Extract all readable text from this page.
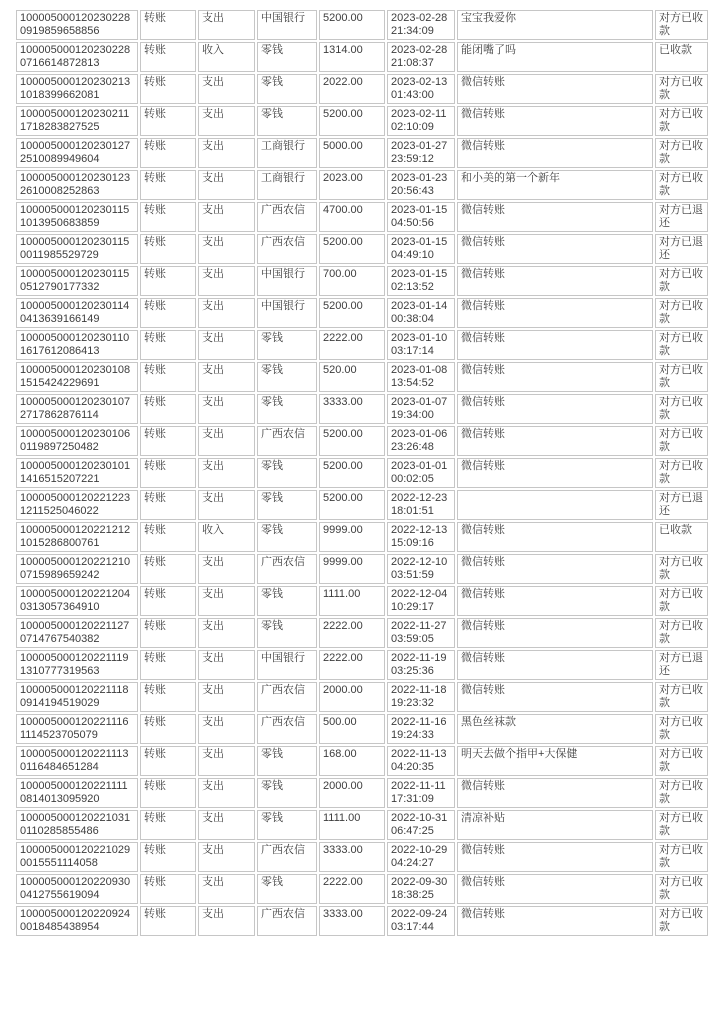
100005000120230228
0919859658856
	转账	支出	中国银行	5200.00	2023-02-28
21:34:09
	宝宝我爱你	对方已收款

100005000120230228
0716614872813
	转账	收入	零钱	1314.00	2023-02-28
21:08:37
	能闭嘴了吗	已收款

100005000120230213
1018399662081
	转账	支出	零钱	2022.00	2023-02-13
01:43:00
	微信转账	对方已收款

100005000120230211
1718283827525
	转账	支出	零钱	5200.00	2023-02-11
02:10:09
	微信转账	对方已收款

100005000120230127
2510089949604
	转账	支出	工商银行	5000.00	2023-01-27
23:59:12
	微信转账	对方已收款

100005000120230123
2610008252863
	转账	支出	工商银行	2023.00	2023-01-23
20:56:43
	和小美的第一个新年	对方已收款

100005000120230115
1013950683859
	转账	支出	广西农信	4700.00	2023-01-15
04:50:56
	微信转账	对方已退还

100005000120230115
0011985529729
	转账	支出	广西农信	5200.00	2023-01-15
04:49:10
	微信转账	对方已退还

100005000120230115
0512790177332
	转账	支出	中国银行	700.00	2023-01-15
02:13:52
	微信转账	对方已收款

100005000120230114
0413639166149
	转账	支出	中国银行	5200.00	2023-01-14
00:38:04
	微信转账	对方已收款

100005000120230110
1617612086413
	转账	支出	零钱	2222.00	2023-01-10
03:17:14
	微信转账	对方已收款

100005000120230108
1515424229691
	转账	支出	零钱	520.00	2023-01-08
13:54:52
	微信转账	对方已收款

100005000120230107
2717862876114
	转账	支出	零钱	3333.00	2023-01-07
19:34:00
	微信转账	对方已收款

100005000120230106
0119897250482
	转账	支出	广西农信	5200.00	2023-01-06
23:26:48
	微信转账	对方已收款

100005000120230101
1416515207221
	转账	支出	零钱	5200.00	2023-01-01
00:02:05
	微信转账	对方已收款

100005000120221223
1211525046022
	转账	支出	零钱	5200.00	2022-12-23
18:01:51
		对方已退还

100005000120221212
1015286800761
	转账	收入	零钱	9999.00	2022-12-13
15:09:16
	微信转账	已收款

100005000120221210
0715989659242
	转账	支出	广西农信	9999.00	2022-12-10
03:51:59
	微信转账	对方已收款

100005000120221204
0313057364910
	转账	支出	零钱	1111.00	2022-12-04
10:29:17
	微信转账	对方已收款

100005000120221127
0714767540382
	转账	支出	零钱	2222.00	2022-11-27
03:59:05
	微信转账	对方已收款

100005000120221119
1310777319563
	转账	支出	中国银行	2222.00	2022-11-19
03:25:36
	微信转账	对方已退还

100005000120221118
0914194519029
	转账	支出	广西农信	2000.00	2022-11-18
19:23:32
	微信转账	对方已收款

100005000120221116
1114523705079
	转账	支出	广西农信	500.00	2022-11-16
19:24:33
	黑色丝袜款	对方已收款

100005000120221113
0116484651284
	转账	支出	零钱	168.00	2022-11-13
04:20:35
	明天去做个指甲+大保健	对方已收款

100005000120221111
0814013095920
	转账	支出	零钱	2000.00	2022-11-11
17:31:09
	微信转账	对方已收款

100005000120221031
0110285855486
	转账	支出	零钱	1111.00	2022-10-31
06:47:25
	清凉补贴	对方已收款

100005000120221029
0015551114058
	转账	支出	广西农信	3333.00	2022-10-29
04:24:27
	微信转账	对方已收款

100005000120220930
0412755619094
	转账	支出	零钱	2222.00	2022-09-30
18:38:25
	微信转账	对方已收款

100005000120220924
0018485438954
	转账	支出	广西农信	3333.00	2022-09-24
03:17:44
	微信转账	对方已收款
